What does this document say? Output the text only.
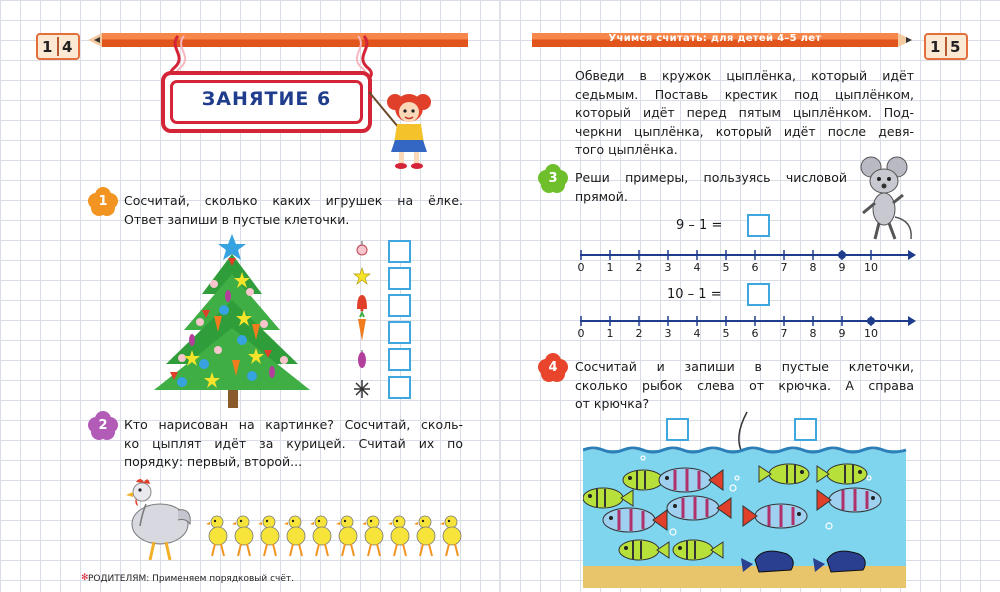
1 4
ЗАНЯТИЕ 6
1	Сосчитай, сколько каких игрушек на ёлке.
Ответ запиши в пустые клеточки.
2	Кто нарисован на картинке? Сосчитай, сколь-
ко цыплят идёт за курицей. Считай их по
порядку: первый, второй...
✻ РОДИТЕЛЯМ: Применяем порядковый счёт.
Учимся считать: для детей 4–5 лет	1 5
Обведи в кружок цыплёнка, который идёт
седьмым. Поставь крестик под цыплёнком,
который идёт перед пятым цыплёнком. Под-
черкни цыплёнка, который идёт после девя-
того цыплёнка.
3	Реши примеры, пользуясь числовой
прямой.
9 – 1 =
0 1 2 3 4 5 6 7 8 9 10
10 – 1 =
0 1 2 3 4 5 6 7 8 9 10
4	Сосчитай и запиши в пустые клеточки,
сколько рыбок слева от крючка. А справа
от крючка?
